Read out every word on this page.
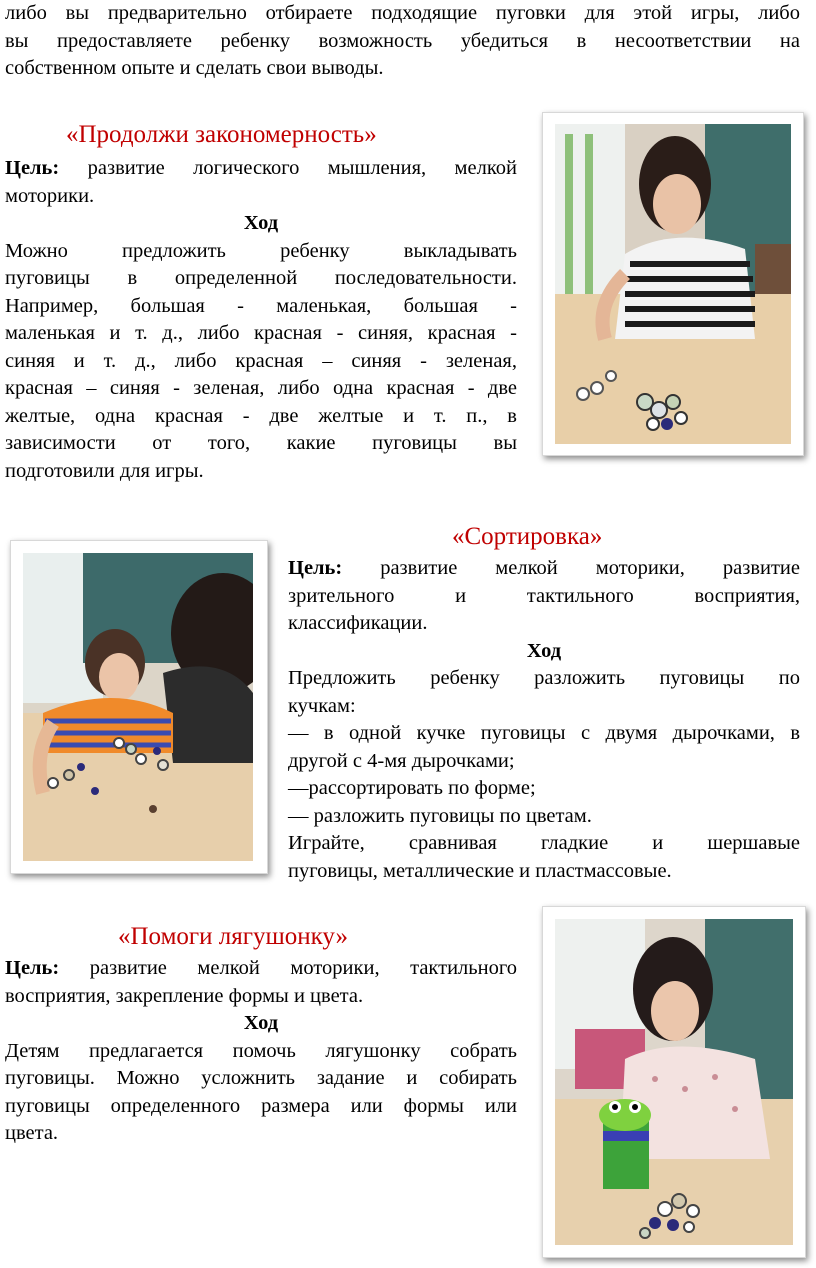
либо вы предварительно отбираете подходящие пуговки для этой игры, либо
вы предоставляете ребенку возможность убедиться в несоответствии на
собственном опыте и сделать свои выводы.
«Продолжи закономерность»
Цель: развитие логического мышления, мелкой
моторики.
Ход
Можно предложить ребенку выкладывать
пуговицы в определенной последовательности.
Например, большая - маленькая, большая -
маленькая и т. д., либо красная - синяя, красная -
синяя и т. д., либо красная – синяя - зеленая,
красная – синяя - зеленая, либо одна красная - две
желтые, одна красная - две желтые и т. п., в
зависимости от того, какие пуговицы вы
подготовили для игры.
«Сортировка»
Цель: развитие мелкой моторики, развитие
зрительного и тактильного восприятия,
классификации.
Ход
Предложить ребенку разложить пуговицы по
кучкам:
— в одной кучке пуговицы с двумя дырочками, в
другой с 4-мя дырочками;
—рассортировать по форме;
— разложить пуговицы по цветам.
Играйте, сравнивая гладкие и шершавые
пуговицы, металлические и пластмассовые.
«Помоги лягушонку»
Цель: развитие мелкой моторики, тактильного
восприятия, закрепление формы и цвета.
Ход
Детям предлагается помочь лягушонку собрать
пуговицы. Можно усложнить задание и собирать
пуговицы определенного размера или формы или
цвета.
